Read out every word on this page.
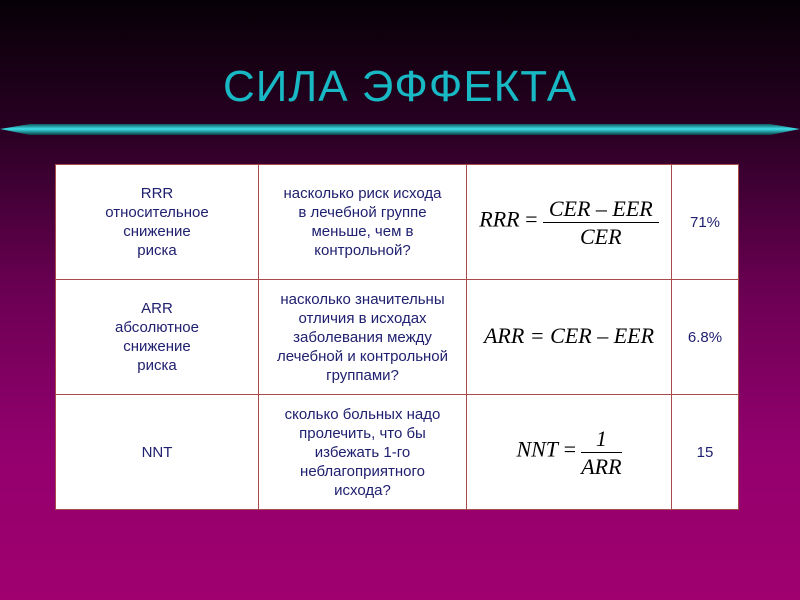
СИЛА ЭФФЕКТА
RRR
относительное
снижение
риска	насколько риск исхода
в лечебной группе
меньше, чем в
контрольной?	RRR = $\frac{\text{CER – EER}}{\text{CER}}$	71%
ARR
абсолютное
снижение
риска	насколько значительны
отличия в исходах
заболевания между
лечебной и контрольной
группами?	ARR = CER – EER	6.8%
NNT	сколько больных надо
пролечить, что бы
избежать 1-го
неблагоприятного
исхода?	NNT = $\frac{1}{\text{ARR}}$	15
